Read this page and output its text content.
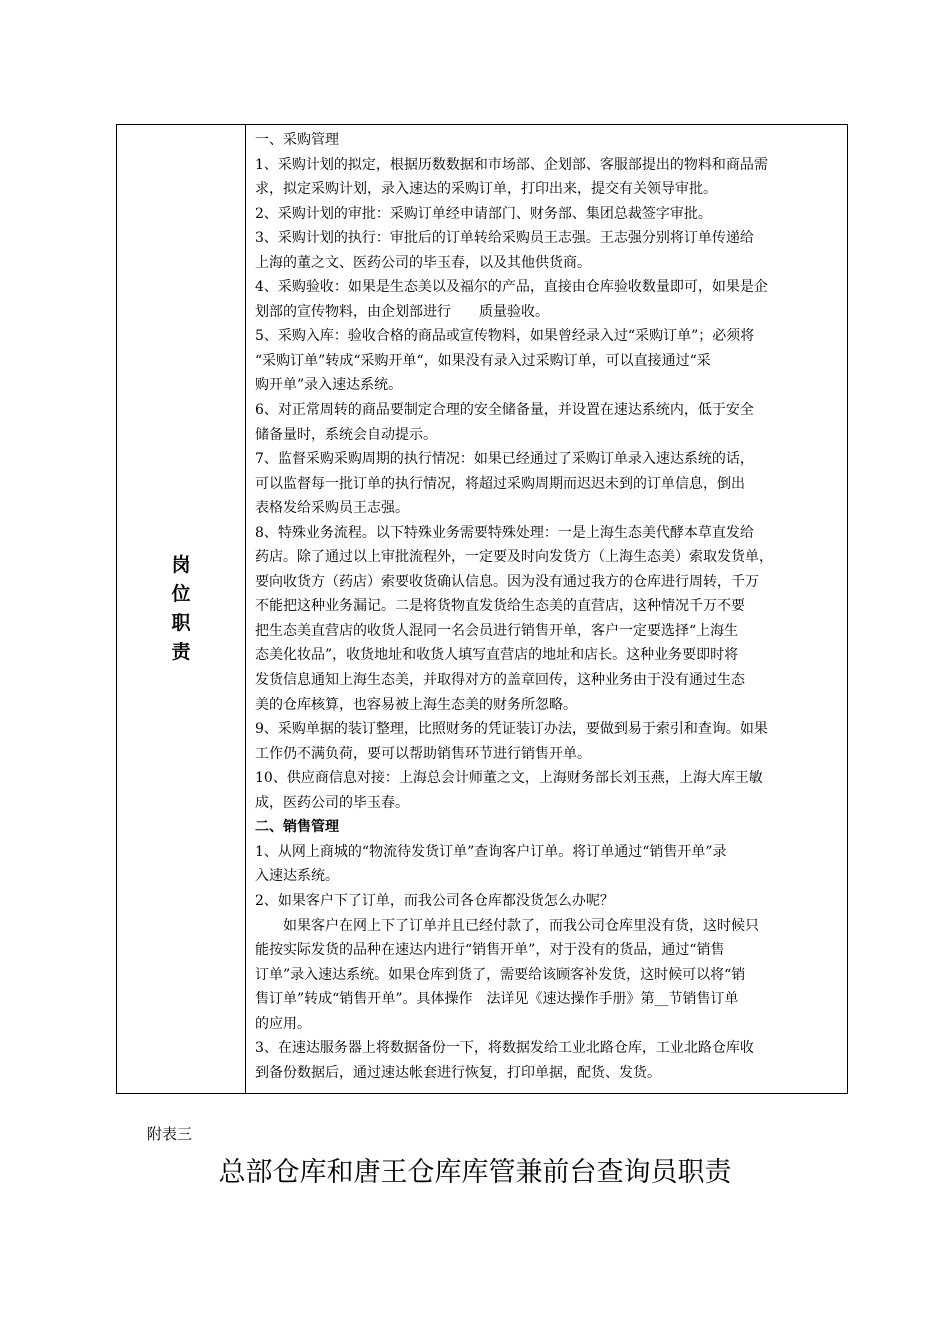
岗位职责
一、采购管理
1、采购计划的拟定，根据历数数据和市场部、企划部、客服部提出的物料和商品需
求，拟定采购计划，录入速达的采购订单，打印出来，提交有关领导审批。
2、采购计划的审批：采购订单经申请部门、财务部、集团总裁签字审批。
3、采购计划的执行：审批后的订单转给采购员王志强。王志强分别将订单传递给
上海的董之文、医药公司的毕玉春，以及其他供货商。
4、采购验收：如果是生态美以及福尔的产品，直接由仓库验收数量即可，如果是企
划部的宣传物料，由企划部进行　　质量验收。
5、采购入库：验收合格的商品或宣传物料，如果曾经录入过“采购订单”；必须将
“采购订单”转成“采购开单“，如果没有录入过采购订单，可以直接通过“采
购开单”录入速达系统。
6、对正常周转的商品要制定合理的安全储备量，并设置在速达系统内，低于安全
储备量时，系统会自动提示。
7、监督采购采购周期的执行情况：如果已经通过了采购订单录入速达系统的话，
可以监督每一批订单的执行情况，将超过采购周期而迟迟未到的订单信息，倒出
表格发给采购员王志强。
8、特殊业务流程。以下特殊业务需要特殊处理：一是上海生态美代酵本草直发给
药店。除了通过以上审批流程外，一定要及时向发货方（上海生态美）索取发货单，
要向收货方（药店）索要收货确认信息。因为没有通过我方的仓库进行周转，千万
不能把这种业务漏记。二是将货物直发货给生态美的直营店，这种情况千万不要
把生态美直营店的收货人混同一名会员进行销售开单，客户一定要选择“上海生
态美化妆品”，收货地址和收货人填写直营店的地址和店长。这种业务要即时将
发货信息通知上海生态美，并取得对方的盖章回传，这种业务由于没有通过生态
美的仓库核算，也容易被上海生态美的财务所忽略。
9、采购单据的装订整理，比照财务的凭证装订办法，要做到易于索引和查询。如果
工作仍不满负荷，要可以帮助销售环节进行销售开单。
10、供应商信息对接：上海总会计师董之文，上海财务部长刘玉燕，上海大库王敏
成，医药公司的毕玉春。
二、销售管理
1、从网上商城的“物流待发货订单”查询客户订单。将订单通过“销售开单”录
入速达系统。
2、如果客户下了订单，而我公司各仓库都没货怎么办呢？
　　如果客户在网上下了订单并且已经付款了，而我公司仓库里没有货，这时候只
能按实际发货的品种在速达内进行“销售开单”，对于没有的货品，通过“销售
订单”录入速达系统。如果仓库到货了，需要给该顾客补发货，这时候可以将“销
售订单”转成“销售开单”。具体操作　法详见《速达操作手册》第__节销售订单
的应用。
3、在速达服务器上将数据备份一下，将数据发给工业北路仓库，工业北路仓库收
到备份数据后，通过速达帐套进行恢复，打印单据，配货、发货。
附表三
总部仓库和唐王仓库库管兼前台查询员职责
